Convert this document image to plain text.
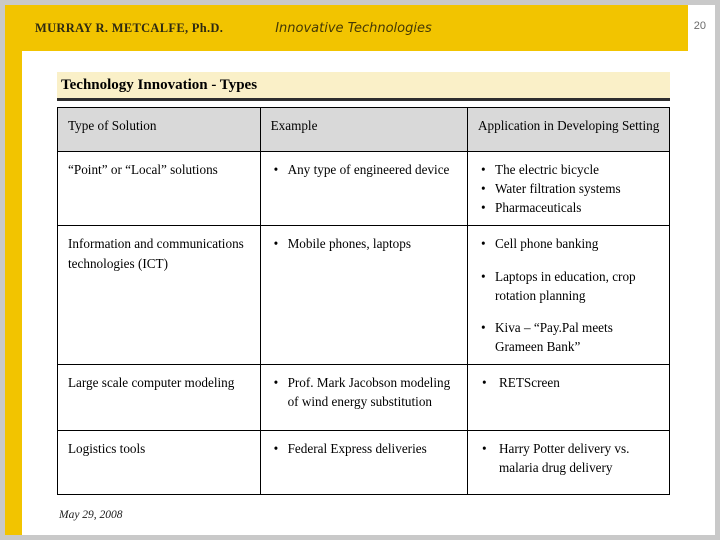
MURRAY R. METCALFE, Ph.D.	Innovative Technologies	20
Technology Innovation - Types
Type of Solution	Example	Application in Developing Setting

“Point” or “Local” solutions	• Any type of engineered device	• The electric bicycle
• Water filtration systems
• Pharmaceuticals

Information and communications technologies (ICT)	• Mobile phones, laptops	• Cell phone banking
• Laptops in education, crop rotation planning
• Kiva – “Pay.Pal meets Grameen Bank”

Large scale computer modeling	• Prof. Mark Jacobson modeling of wind energy substitution	• RETScreen

Logistics tools	• Federal Express deliveries	• Harry Potter delivery vs. malaria drug delivery
May 29, 2008
